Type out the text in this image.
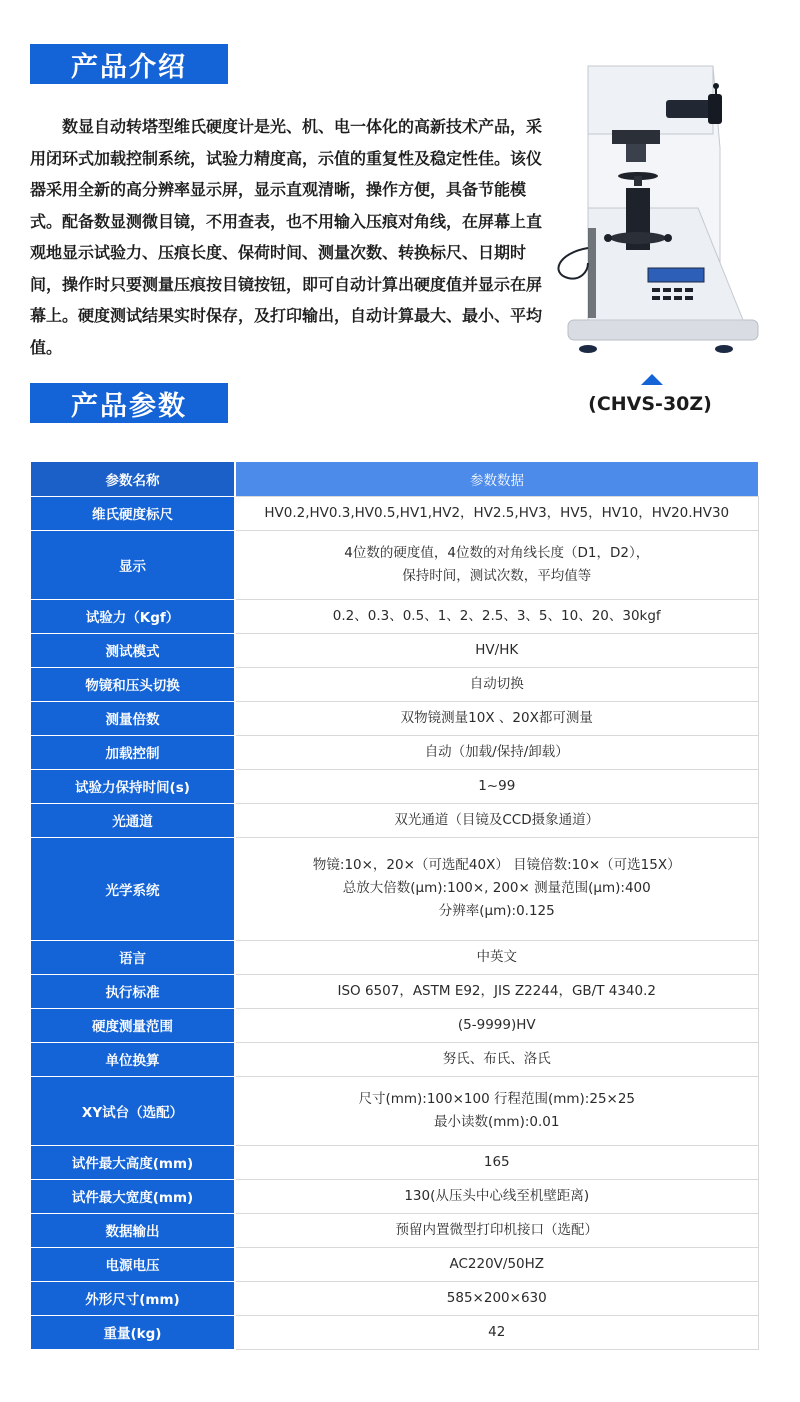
产品介绍

数显自动转塔型维氏硬度计是光、机、电一体化的高新技术产品，采用闭环式加载控制系统，试验力精度高，示值的重复性及稳定性佳。该仪器采用全新的高分辨率显示屏，显示直观清晰，操作方便，具备节能模式。配备数显测微目镜，不用查表，也不用输入压痕对角线，在屏幕上直观地显示试验力、压痕长度、保荷时间、测量次数、转换标尺、日期时间，操作时只要测量压痕按目镜按钮，即可自动计算出硬度值并显示在屏幕上。硬度测试结果实时保存，及打印输出，自动计算最大、最小、平均值。

(CHVS-30Z)
产品参数
参数名称	参数数据
维氏硬度标尺	HV0.2,HV0.3,HV0.5,HV1,HV2，HV2.5,HV3，HV5，HV10，HV20.HV30

显示	4位数的硬度值，4位数的对角线长度（D1，D2），
保持时间，测试次数，平均值等

试验力（Kgf）	0.2、0.3、0.5、1、2、2.5、3、5、10、20、30kgf

测试模式	HV/HK

物镜和压头切换	自动切换

测量倍数	双物镜测量10X 、20X都可测量

加载控制	自动（加载/保持/卸载）

试验力保持时间(s)	1~99

光通道	双光通道（目镜及CCD摄象通道）

光学系统	物镜:10×，20×（可选配40X） 目镜倍数:10×（可选15X）
总放大倍数(μm):100×, 200× 测量范围(μm):400
分辨率(μm):0.125

语言	中英文

执行标准	ISO 6507，ASTM E92，JIS Z2244，GB/T 4340.2

硬度测量范围	(5-9999)HV

单位换算	努氏、布氏、洛氏

XY试台（选配）	尺寸(mm):100×100 行程范围(mm):25×25
最小读数(mm):0.01

试件最大高度(mm)	165

试件最大宽度(mm)	130(从压头中心线至机壁距离)

数据输出	预留内置微型打印机接口（选配）

电源电压	AC220V/50HZ

外形尺寸(mm)	585×200×630

重量(kg)	42
